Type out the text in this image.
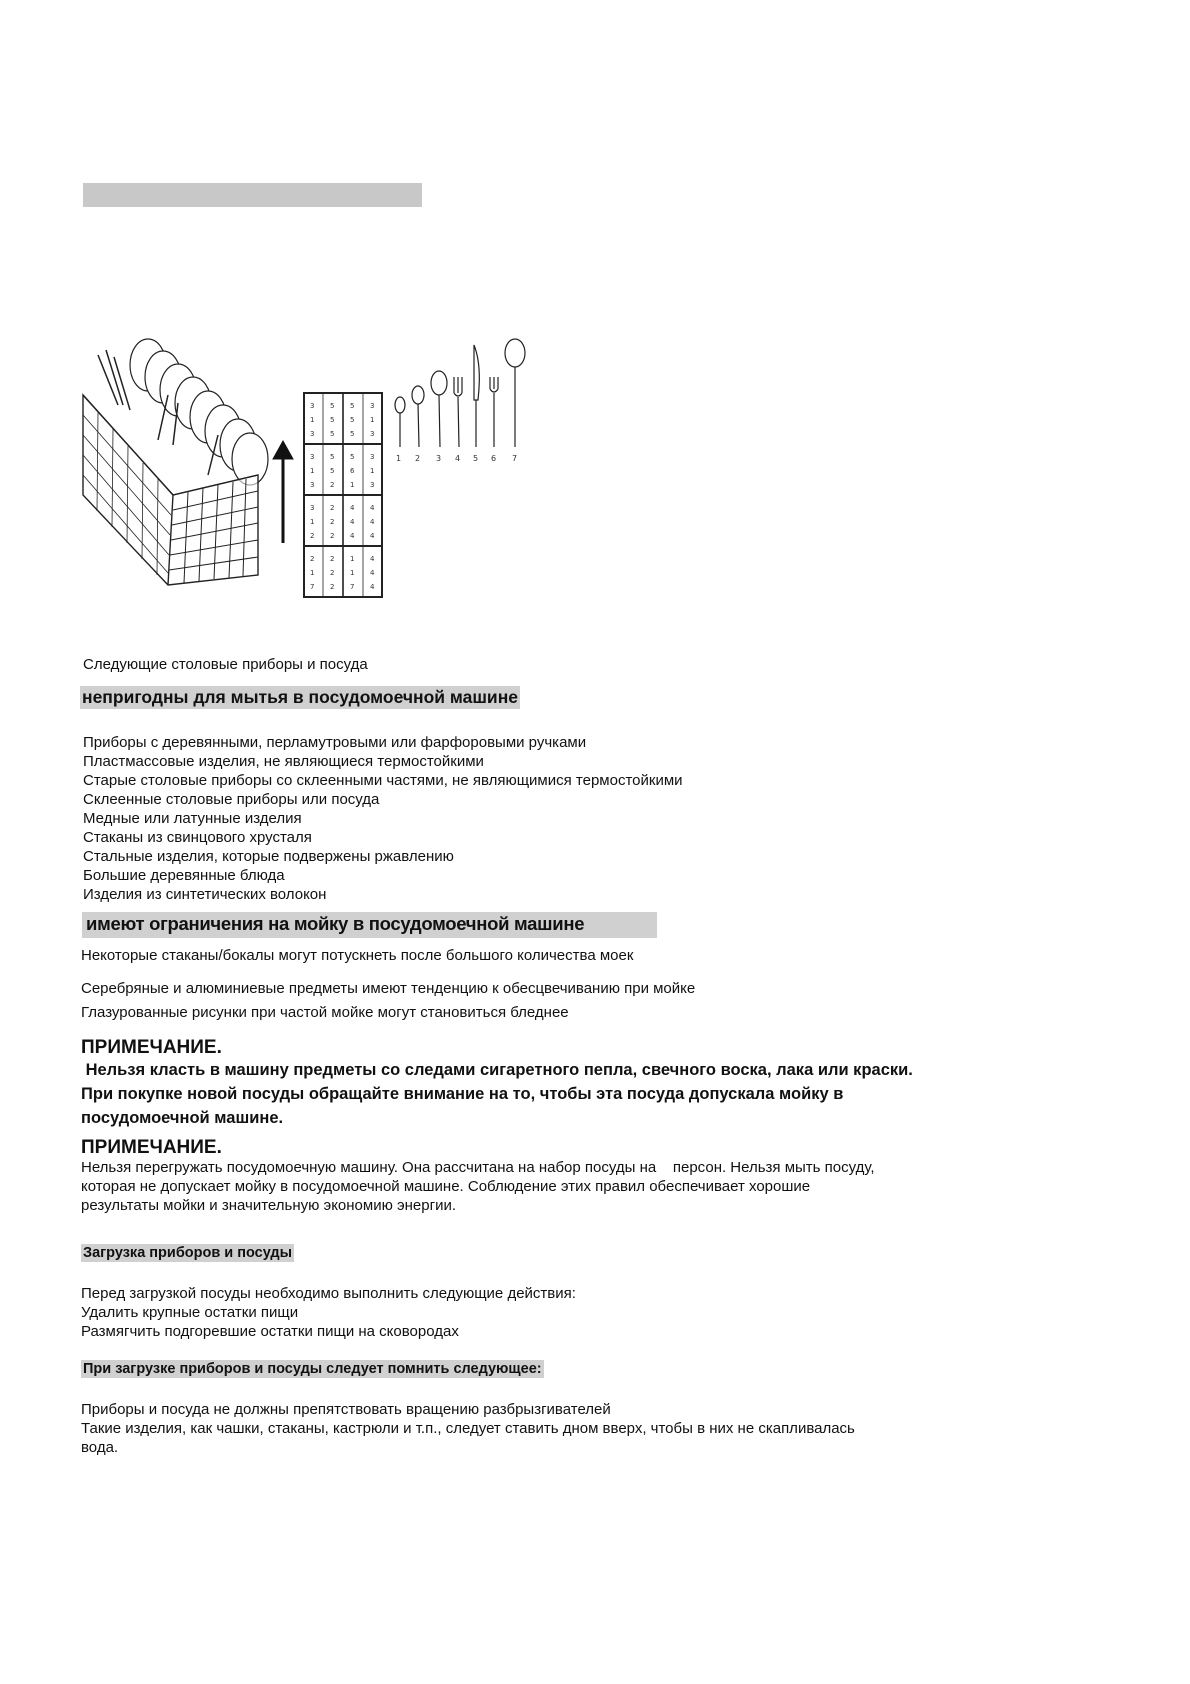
3 5 5 3
1 5 5 1
3 5 5 3
3 5 5 3
1 5 6 1
3 2 1 3
3 2 4 4
1 2 4 4
2 2 4 4
2 2 1 4
1 2 1 4
7 2 7 4
1 2 3 4 5 6 7
Следующие столовые приборы и посуда
непригодны для мытья в посудомоечной машине
Приборы с деревянными, перламутровыми или фарфоровыми ручками
Пластмассовые изделия, не являющиеся термостойкими
Старые столовые приборы со склеенными частями, не являющимися термостойкими
Склеенные столовые приборы или посуда
Медные или латунные изделия
Стаканы из свинцового хрусталя
Стальные изделия, которые подвержены ржавлению
Большие деревянные блюда
Изделия из синтетических волокон
имеют ограничения на мойку в посудомоечной машине
Некоторые стаканы/бокалы могут потускнеть после большого количества моек
Серебряные и алюминиевые предметы имеют тенденцию к обесцвечиванию при мойке
Глазурованные рисунки при частой мойке могут становиться бледнее
ПРИМЕЧАНИЕ.
Нельзя класть в машину предметы со следами сигаретного пепла, свечного воска, лака или краски.
При покупке новой посуды обращайте внимание на то, чтобы эта посуда допускала мойку в
посудомоечной машине.
ПРИМЕЧАНИЕ.
Нельзя перегружать посудомоечную машину. Она рассчитана на набор посуды на    персон. Нельзя мыть посуду,
которая не допускает мойку в посудомоечной машине. Соблюдение этих правил обеспечивает хорошие
результаты мойки и значительную экономию энергии.
Загрузка приборов и посуды
Перед загрузкой посуды необходимо выполнить следующие действия:
Удалить крупные остатки пищи
Размягчить подгоревшие остатки пищи на сковородах
При загрузке приборов и посуды следует помнить следующее:
Приборы и посуда не должны препятствовать вращению разбрызгивателей
Такие изделия, как чашки, стаканы, кастрюли и т.п., следует ставить дном вверх, чтобы в них не скапливалась
вода.
